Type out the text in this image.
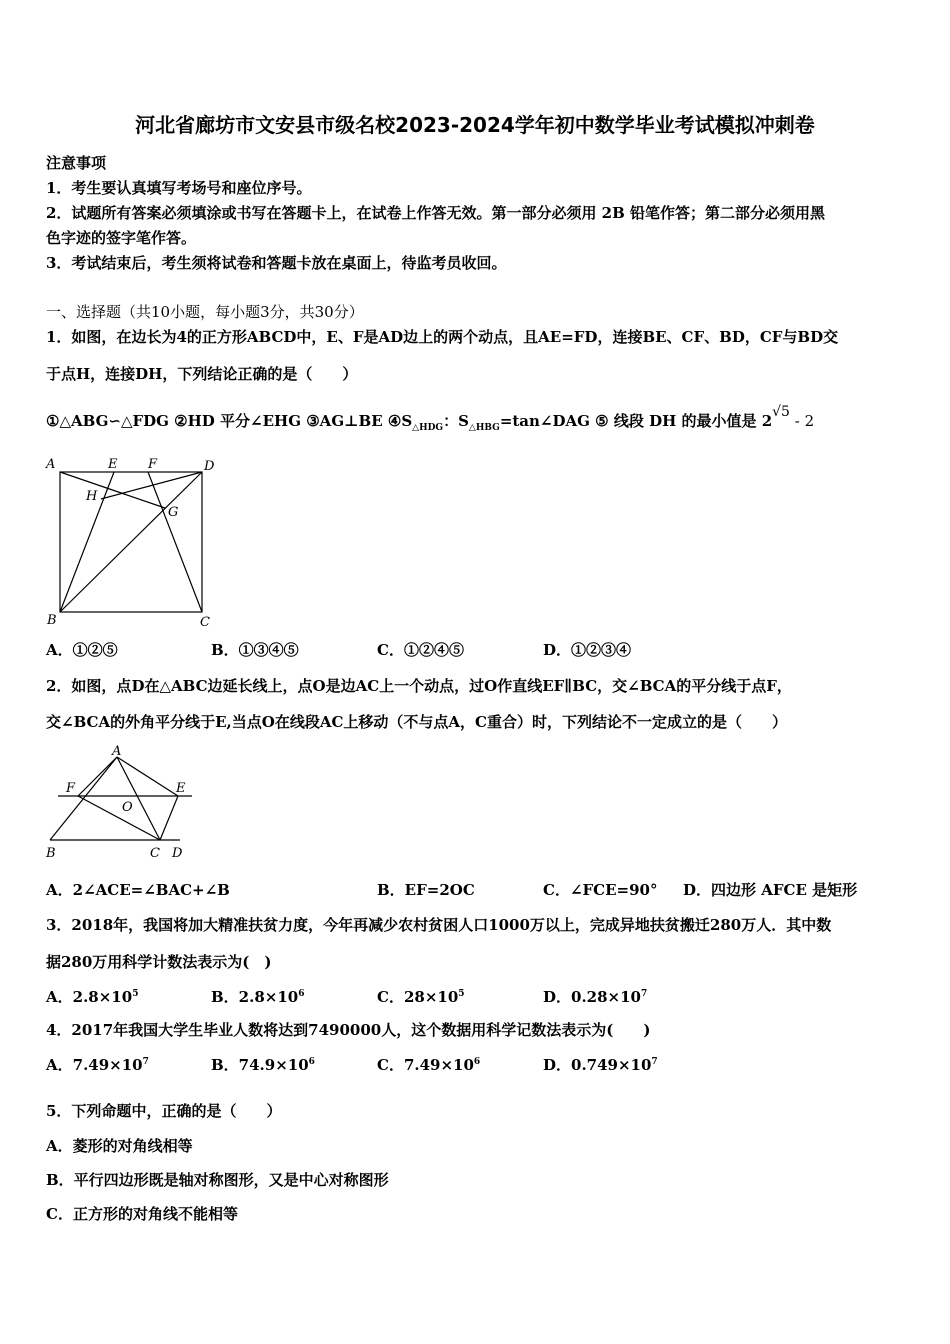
河北省廊坊市文安县市级名校2023-2024学年初中数学毕业考试模拟冲刺卷
注意事项
1．考生要认真填写考场号和座位序号。
2．试题所有答案必须填涂或书写在答题卡上，在试卷上作答无效。第一部分必须用 2B 铅笔作答；第二部分必须用黑
色字迹的签字笔作答。
3．考试结束后，考生须将试卷和答题卡放在桌面上，待监考员收回。
一、选择题（共10小题，每小题3分，共30分）
1．如图，在边长为4的正方形ABCD中，E、F是AD边上的两个动点，且AE=FD，连接BE、CF、BD，CF与BD交
于点H，连接DH，下列结论正确的是（　　）
①△ABG∽△FDG ②HD 平分∠EHG ③AG⊥BE $④S_{\triangle HDG}$：$S_{\triangle HBG}=\tan\angle DAG$ ⑤ 线段 DH 的最小值是 2√5 - 2
A	E F	D
H
G
B	C
A．①②⑤	B．①③④⑤	C．①②④⑤	D．①②③④
2．如图，点D在△ABC边延长线上，点O是边AC上一个动点，过O作直线EF∥BC，交∠BCA的平分线于点F，
交∠BCA的外角平分线于E,当点O在线段AC上移动（不与点A，C重合）时，下列结论不一定成立的是（　　）
A
F	E
O
B	C D
A．2∠ACE=∠BAC+∠B	B．EF=2OC	C．∠FCE=90° D．四边形 AFCE 是矩形
3．2018年，我国将加大精准扶贫力度，今年再减少农村贫困人口1000万以上，完成异地扶贫搬迁280万人．其中数
据280万用科学计数法表示为(　)
A．$2.8\times 10^5$	B．$2.8\times 10^6$	C．$28\times 10^5$	D．$0.28\times 10^7$
4．2017年我国大学生毕业人数将达到7490000人，这个数据用科学记数法表示为(　　)
A．$7.49\times 10^7$	B．$74.9\times 10^6$	C．$7.49\times 10^6$	D．$0.749\times 10^7$
5．下列命题中，正确的是（　　）
A．菱形的对角线相等
B．平行四边形既是轴对称图形，又是中心对称图形
C．正方形的对角线不能相等
